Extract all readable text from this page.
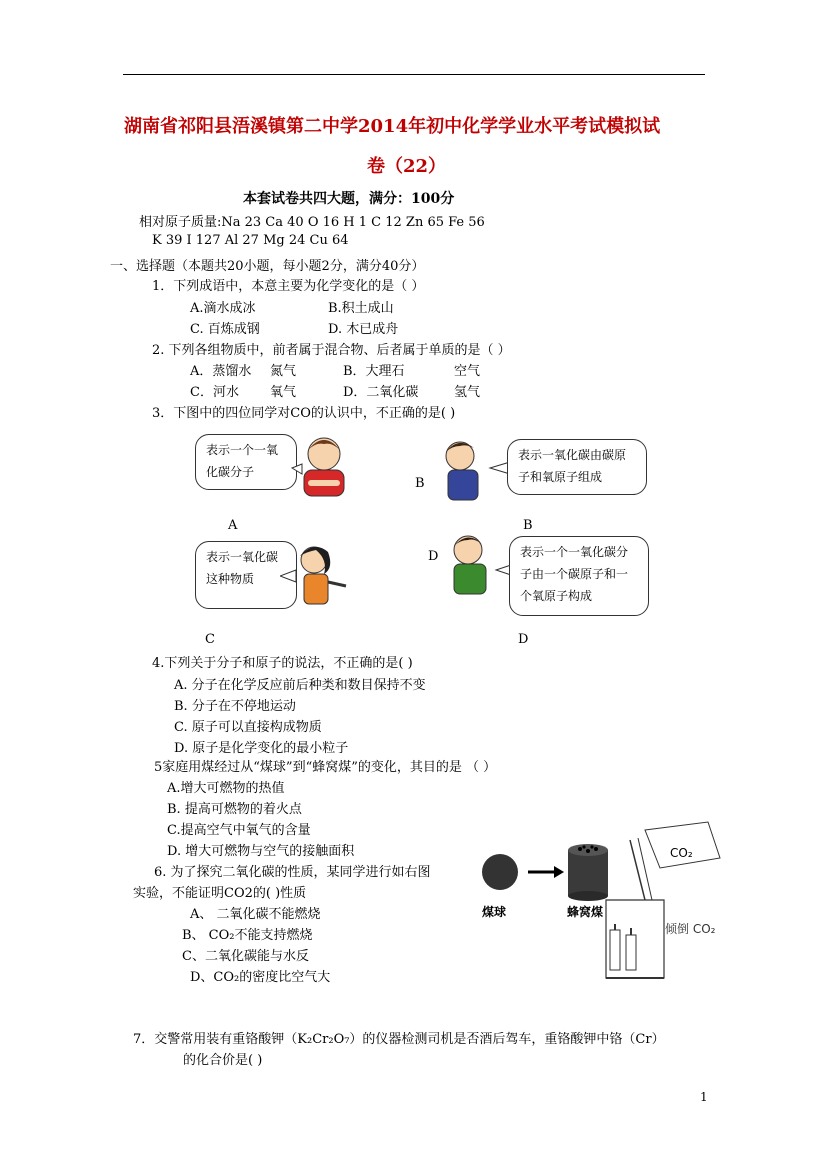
湖南省祁阳县浯溪镇第二中学2014年初中化学学业水平考试模拟试
卷（22）
本套试卷共四大题，满分：100分
相对原子质量:Na 23 Ca 40 O 16 H 1 C 12 Zn 65 Fe 56
K 39 I 127 Al 27 Mg 24 Cu 64
一、选择题（本题共20小题，每小题2分，满分40分）
1．下列成语中，本意主要为化学变化的是（ ）
A.滴水成冰	B.积土成山
C. 百炼成钢	D. 木已成舟
2. 下列各组物质中，前者属于混合物、后者属于单质的是（ ）
A．蒸馏水 氮气	B．大理石	空气
C．河水 氧气	D．二氧化碳	氢气
3．下图中的四位同学对CO的认识中，不正确的是( )
表示一个一氧化碳分子
A
B
表示一氧化碳由碳原子和氧原子组成
B
表示一氧化碳这种物质
C
D	表示一个一氧化碳分子由一个碳原子和一个氧原子构成
D
4.下列关于分子和原子的说法，不正确的是( )
A. 分子在化学反应前后种类和数目保持不变
B. 分子在不停地运动
C. 原子可以直接构成物质
D. 原子是化学变化的最小粒子
5家庭用煤经过从“煤球”到“蜂窝煤”的变化，其目的是 （ ）
A.增大可燃物的热值
B. 提高可燃物的着火点
C.提高空气中氧气的含量
D. 增大可燃物与空气的接触面积
6. 为了探究二氧化碳的性质，某同学进行如右图
实验，不能证明CO2的( )性质
A、 二氧化碳不能燃烧
B、 CO₂不能支持燃烧
C、二氧化碳能与水反
D、CO₂的密度比空气大
煤球	蜂窝煤
CO₂
倾倒 CO₂
7．交警常用装有重铬酸钾（K₂Cr₂O₇）的仪器检测司机是否酒后驾车，重铬酸钾中铬（Cr）
的化合价是( )
1
